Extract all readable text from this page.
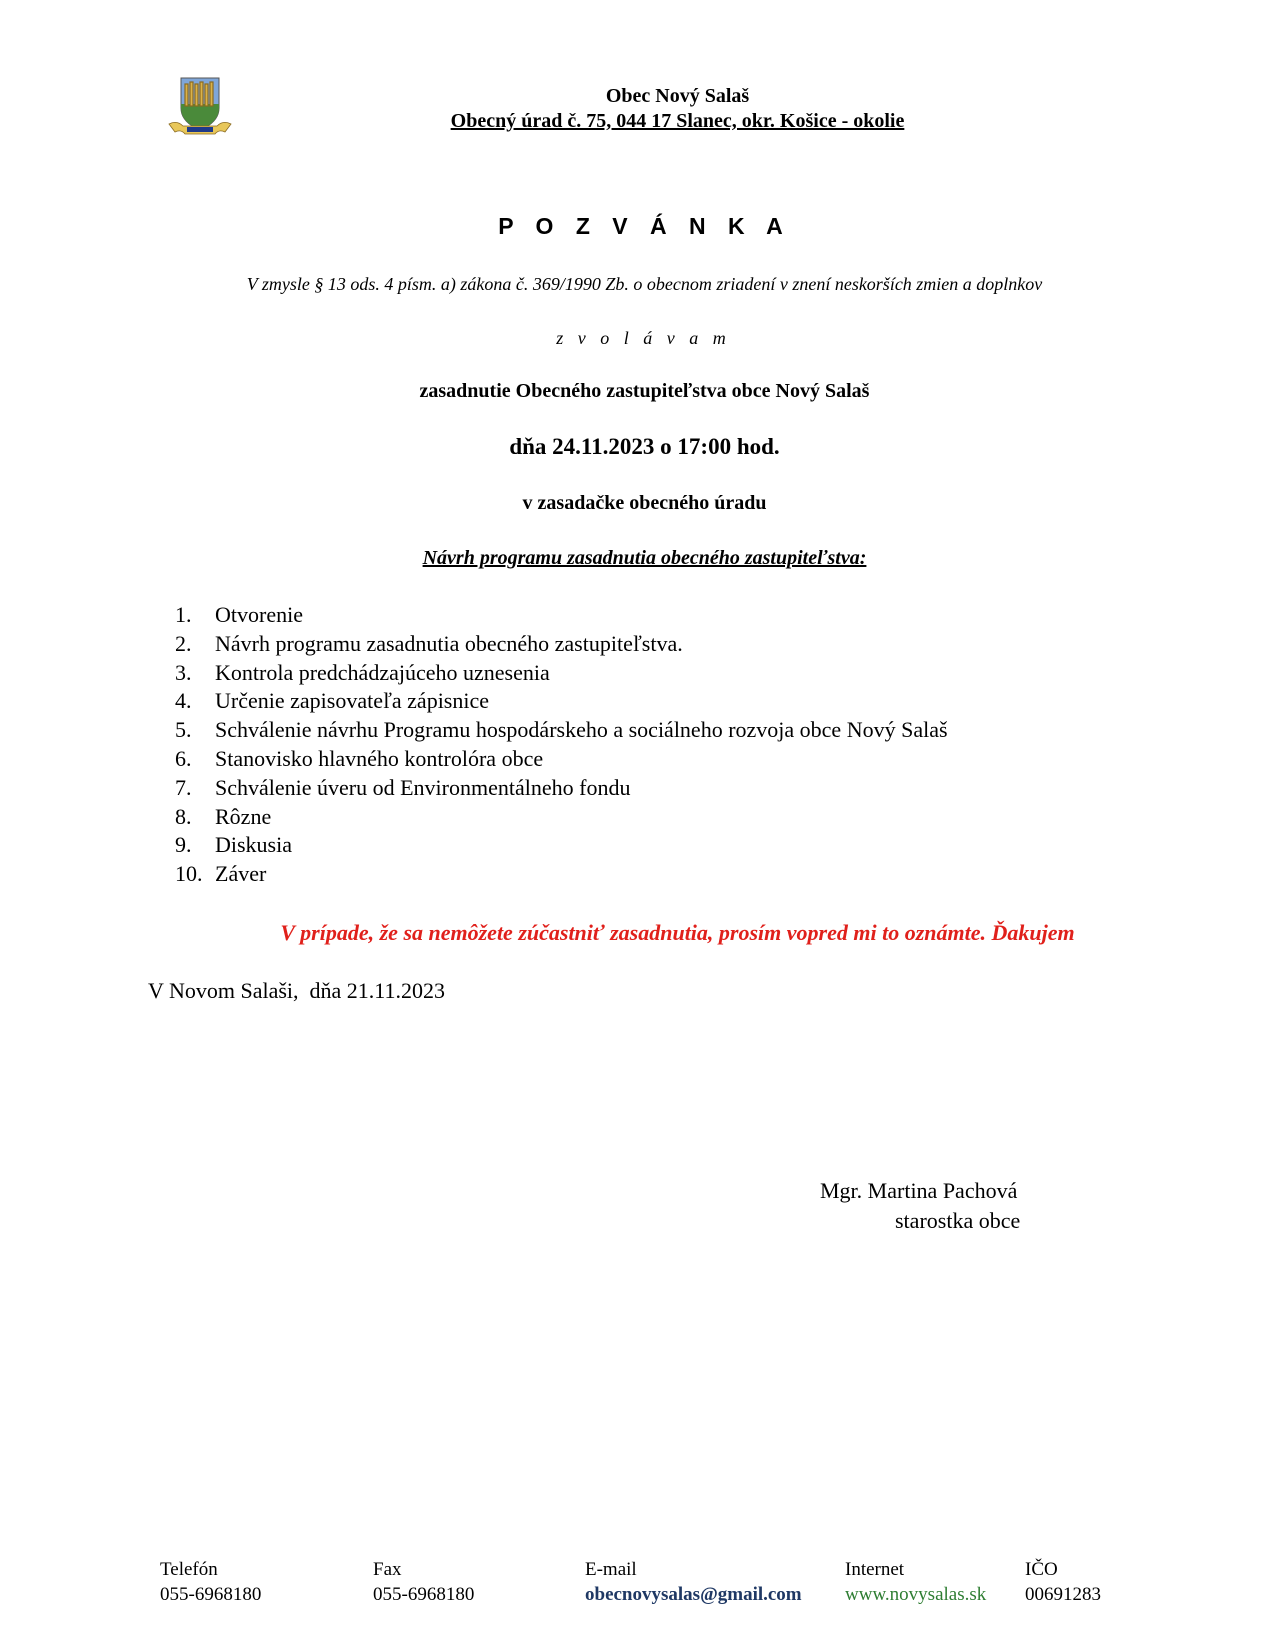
Obec Nový Salaš
Obecný úrad č. 75, 044 17 Slanec, okr. Košice - okolie
P O Z V Á N K A
V zmysle § 13 ods. 4 písm. a) zákona č. 369/1990 Zb. o obecnom zriadení v znení neskorších zmien a doplnkov
z v o l á v a m
zasadnutie Obecného zastupiteľstva obce Nový Salaš
dňa 24.11.2023 o 17:00 hod.
v zasadačke obecného úradu
Návrh programu zasadnutia obecného zastupiteľstva:
1.	Otvorenie
2.	Návrh programu zasadnutia obecného zastupiteľstva.
3.	Kontrola predchádzajúceho uznesenia
4.	Určenie zapisovateľa zápisnice
5.	Schválenie návrhu Programu hospodárskeho a sociálneho rozvoja obce Nový Salaš
6.	Stanovisko hlavného kontrolóra obce
7.	Schválenie úveru od Environmentálneho fondu
8.	Rôzne
9.	Diskusia
10. Záver
V prípade, že sa nemôžete zúčastniť zasadnutia, prosím vopred mi to oznámte. Ďakujem
V Novom Salaši,  dňa 21.11.2023
Mgr. Martina Pachová
starostka obce
Telefón
055-6968180
Fax
055-6968180
E-mail
obecnovysalas@gmail.com
Internet
www.novysalas.sk
IČO
00691283
